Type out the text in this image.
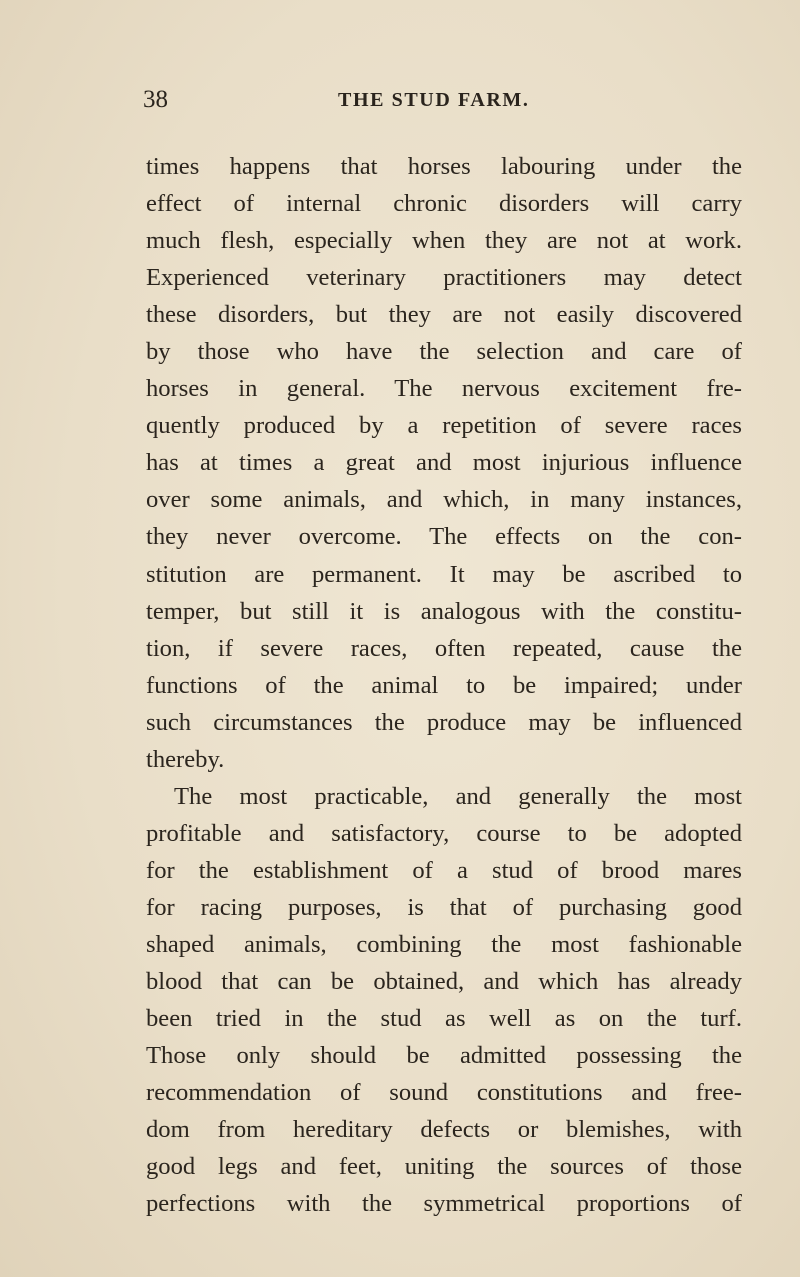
38	THE STUD FARM.
times happens that horses labouring under the
effect of internal chronic disorders will carry
much flesh, especially when they are not at work.
Experienced veterinary practitioners may detect
these disorders, but they are not easily discovered
by those who have the selection and care of
horses in general. The nervous excitement fre-
quently produced by a repetition of severe races
has at times a great and most injurious influence
over some animals, and which, in many instances,
they never overcome. The effects on the con-
stitution are permanent. It may be ascribed to
temper, but still it is analogous with the constitu-
tion, if severe races, often repeated, cause the
functions of the animal to be impaired; under
such circumstances the produce may be influenced
thereby.
The most practicable, and generally the most
profitable and satisfactory, course to be adopted
for the establishment of a stud of brood mares
for racing purposes, is that of purchasing good
shaped animals, combining the most fashionable
blood that can be obtained, and which has already
been tried in the stud as well as on the turf.
Those only should be admitted possessing the
recommendation of sound constitutions and free-
dom from hereditary defects or blemishes, with
good legs and feet, uniting the sources of those
perfections with the symmetrical proportions of
